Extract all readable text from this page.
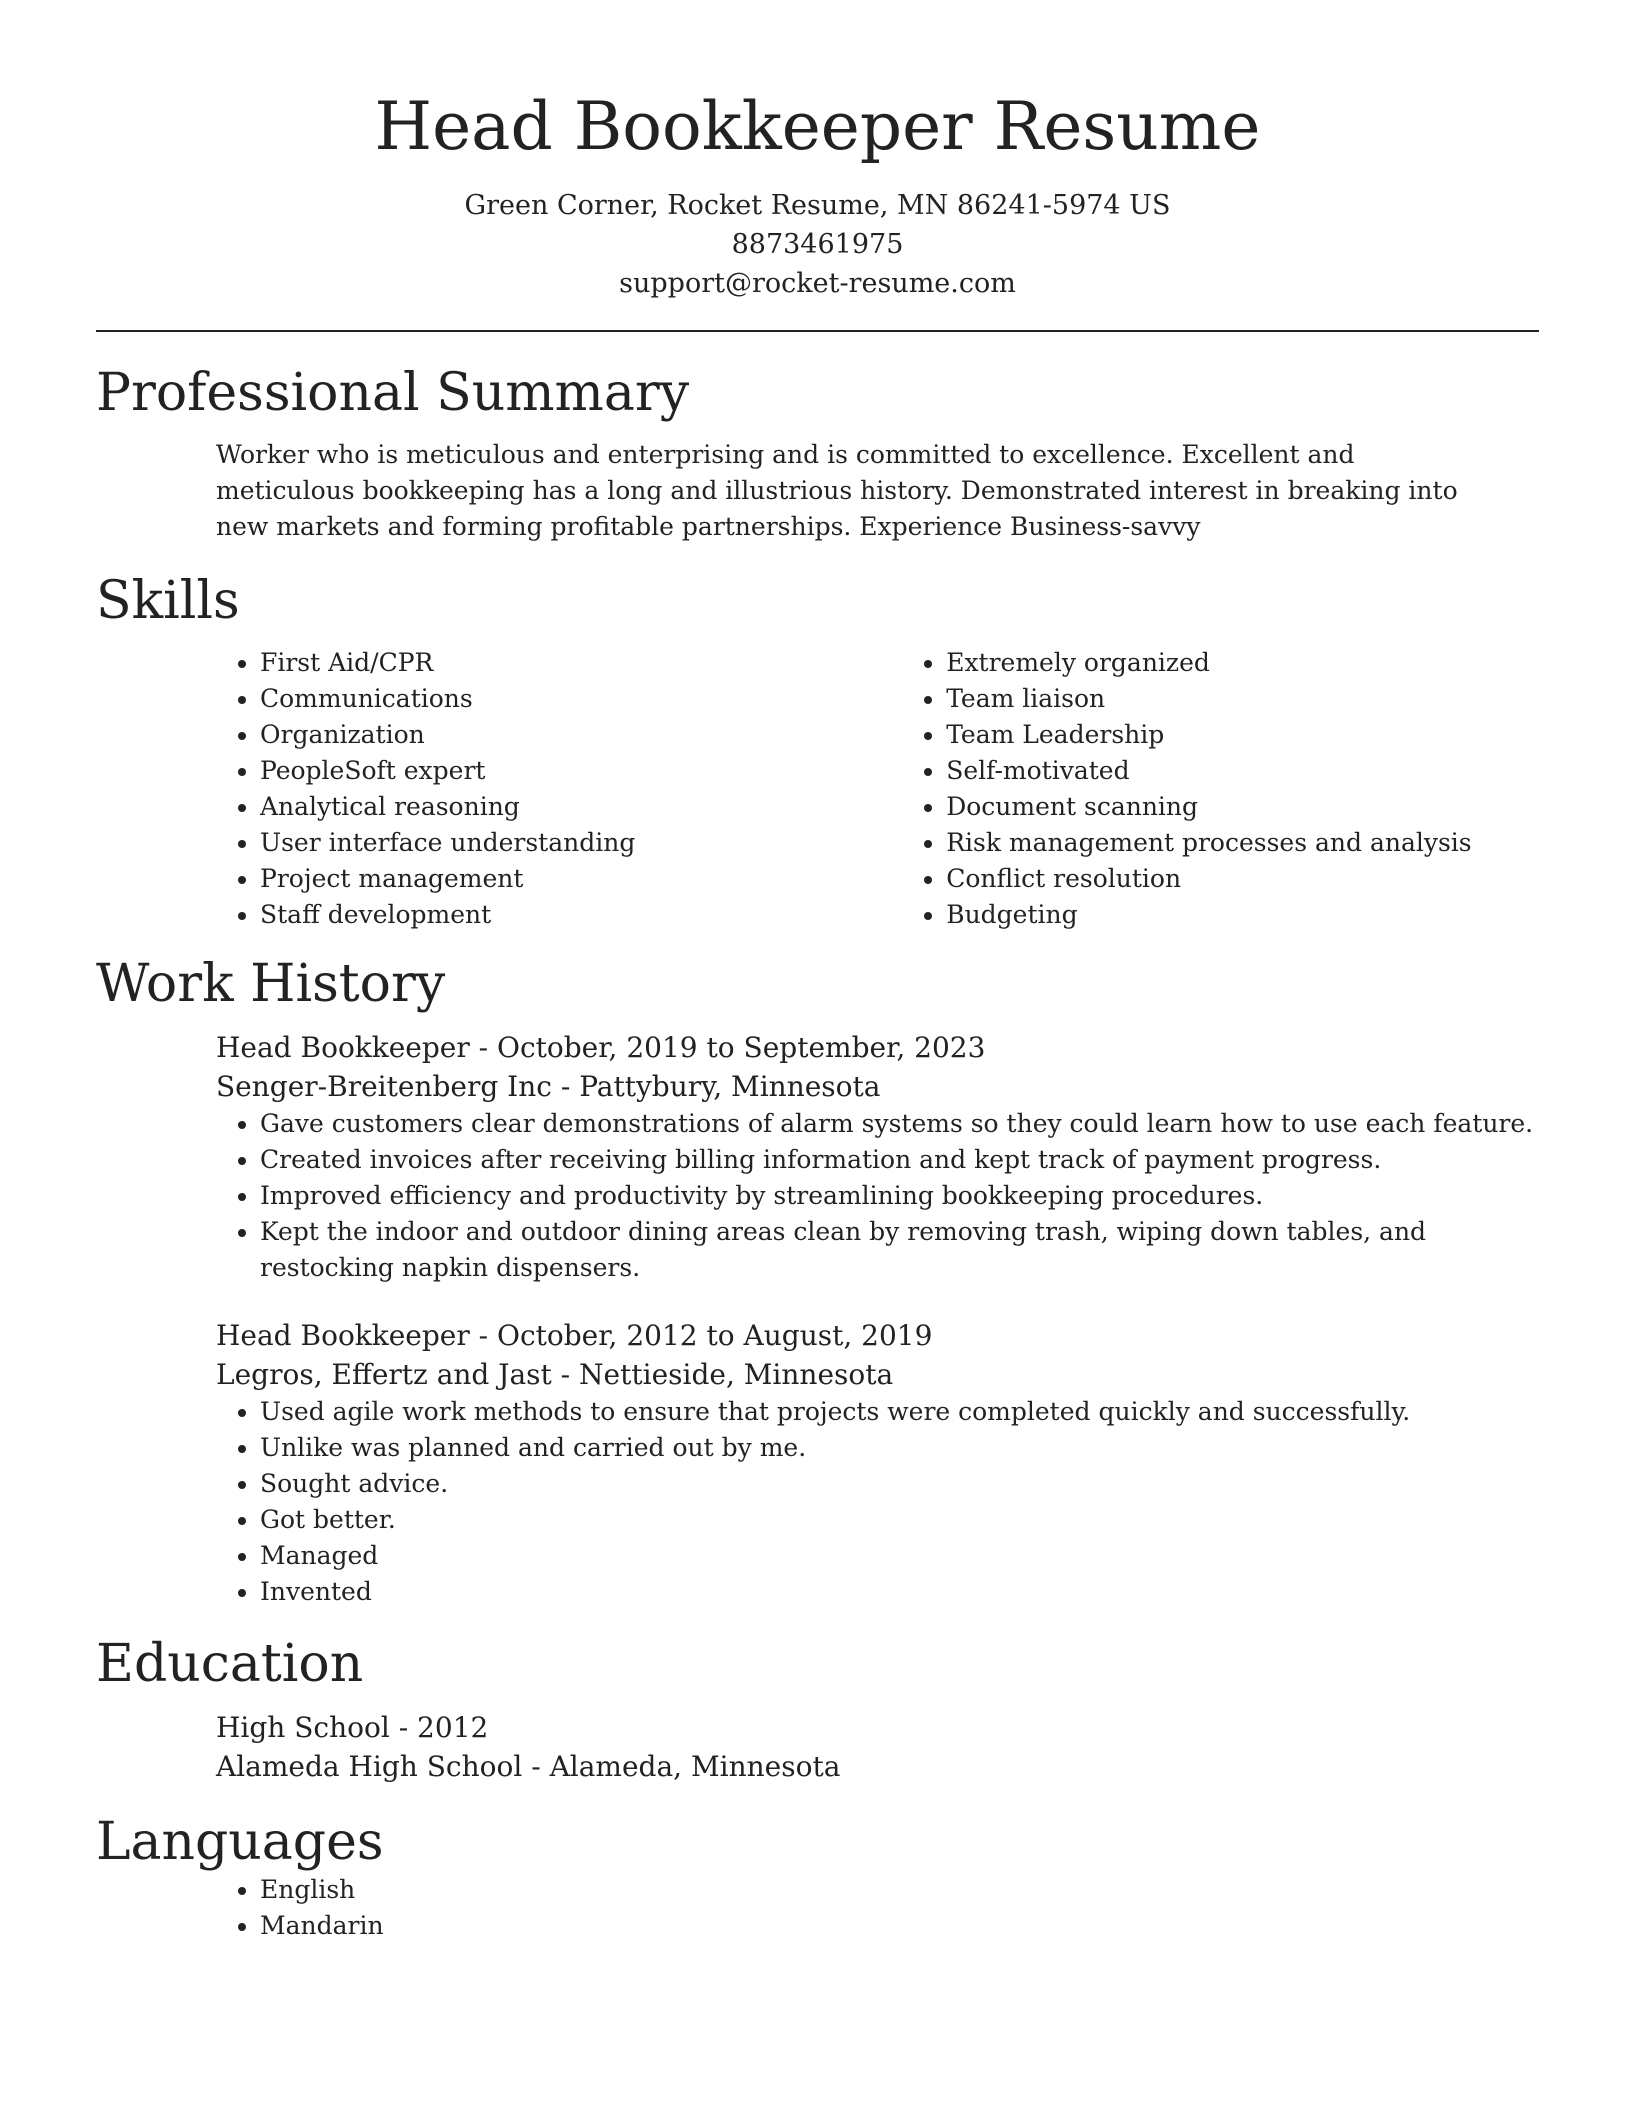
Head Bookkeeper Resume
Green Corner, Rocket Resume, MN 86241-5974 US
8873461975
support@rocket-resume.com
Professional Summary
Worker who is meticulous and enterprising and is committed to excellence. Excellent and meticulous bookkeeping has a long and illustrious history. Demonstrated interest in breaking into new markets and forming profitable partnerships. Experience Business-savvy
Skills
• First Aid/CPR
• Communications
• Organization
• PeopleSoft expert
• Analytical reasoning
• User interface understanding
• Project management
• Staff development
• Extremely organized
• Team liaison
• Team Leadership
• Self-motivated
• Document scanning
• Risk management processes and analysis
• Conflict resolution
• Budgeting
Work History
Head Bookkeeper - October, 2019 to September, 2023
Senger-Breitenberg Inc - Pattybury, Minnesota
• Gave customers clear demonstrations of alarm systems so they could learn how to use each feature.
• Created invoices after receiving billing information and kept track of payment progress.
• Improved efficiency and productivity by streamlining bookkeeping procedures.
• Kept the indoor and outdoor dining areas clean by removing trash, wiping down tables, and restocking napkin dispensers.
Head Bookkeeper - October, 2012 to August, 2019
Legros, Effertz and Jast - Nettieside, Minnesota
• Used agile work methods to ensure that projects were completed quickly and successfully.
• Unlike was planned and carried out by me.
• Sought advice.
• Got better.
• Managed
• Invented
Education
High School - 2012
Alameda High School - Alameda, Minnesota
Languages
• English
• Mandarin
